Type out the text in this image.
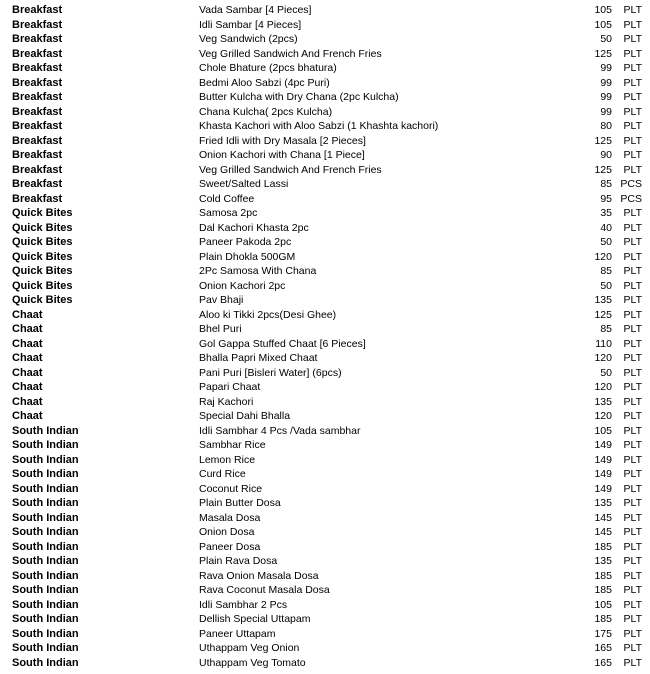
Breakfast	Vada Sambar [4 Pieces]	105	PLT
Breakfast	Idli Sambar [4 Pieces]	105	PLT
Breakfast	Veg Sandwich (2pcs)	50	PLT
Breakfast	Veg Grilled Sandwich And French Fries	125	PLT
Breakfast	Chole Bhature (2pcs bhatura)	99	PLT
Breakfast	Bedmi Aloo Sabzi (4pc Puri)	99	PLT
Breakfast	Butter Kulcha with Dry Chana (2pc Kulcha)	99	PLT
Breakfast	Chana Kulcha( 2pcs Kulcha)	99	PLT
Breakfast	Khasta Kachori with Aloo Sabzi (1 Khashta kachori)	80	PLT
Breakfast	Fried Idli with Dry Masala [2 Pieces]	125	PLT
Breakfast	Onion Kachori with Chana [1 Piece]	90	PLT
Breakfast	Veg Grilled Sandwich And French Fries	125	PLT
Breakfast	Sweet/Salted Lassi	85	PCS
Breakfast	Cold Coffee	95	PCS
Quick Bites	Samosa 2pc	35	PLT
Quick Bites	Dal Kachori Khasta 2pc	40	PLT
Quick Bites	Paneer Pakoda 2pc	50	PLT
Quick Bites	Plain Dhokla 500GM	120	PLT
Quick Bites	2Pc Samosa With Chana	85	PLT
Quick Bites	Onion Kachori 2pc	50	PLT
Quick Bites	Pav Bhaji	135	PLT
Chaat	Aloo ki Tikki 2pcs(Desi Ghee)	125	PLT
Chaat	Bhel Puri	85	PLT
Chaat	Gol Gappa Stuffed Chaat [6 Pieces]	110	PLT
Chaat	Bhalla Papri Mixed Chaat	120	PLT
Chaat	Pani Puri [Bisleri Water] (6pcs)	50	PLT
Chaat	Papari Chaat	120	PLT
Chaat	Raj Kachori	135	PLT
Chaat	Special Dahi Bhalla	120	PLT
South Indian	Idli Sambhar 4 Pcs /Vada sambhar	105	PLT
South Indian	Sambhar Rice	149	PLT
South Indian	Lemon Rice	149	PLT
South Indian	Curd Rice	149	PLT
South Indian	Coconut Rice	149	PLT
South Indian	Plain Butter Dosa	135	PLT
South Indian	Masala Dosa	145	PLT
South Indian	Onion Dosa	145	PLT
South Indian	Paneer Dosa	185	PLT
South Indian	Plain Rava Dosa	135	PLT
South Indian	Rava Onion Masala Dosa	185	PLT
South Indian	Rava Coconut Masala Dosa	185	PLT
South Indian	Idli Sambhar 2 Pcs	105	PLT
South Indian	Dellish Special Uttapam	185	PLT
South Indian	Paneer Uttapam	175	PLT
South Indian	Uthappam Veg Onion	165	PLT
South Indian	Uthappam Veg Tomato	165	PLT
